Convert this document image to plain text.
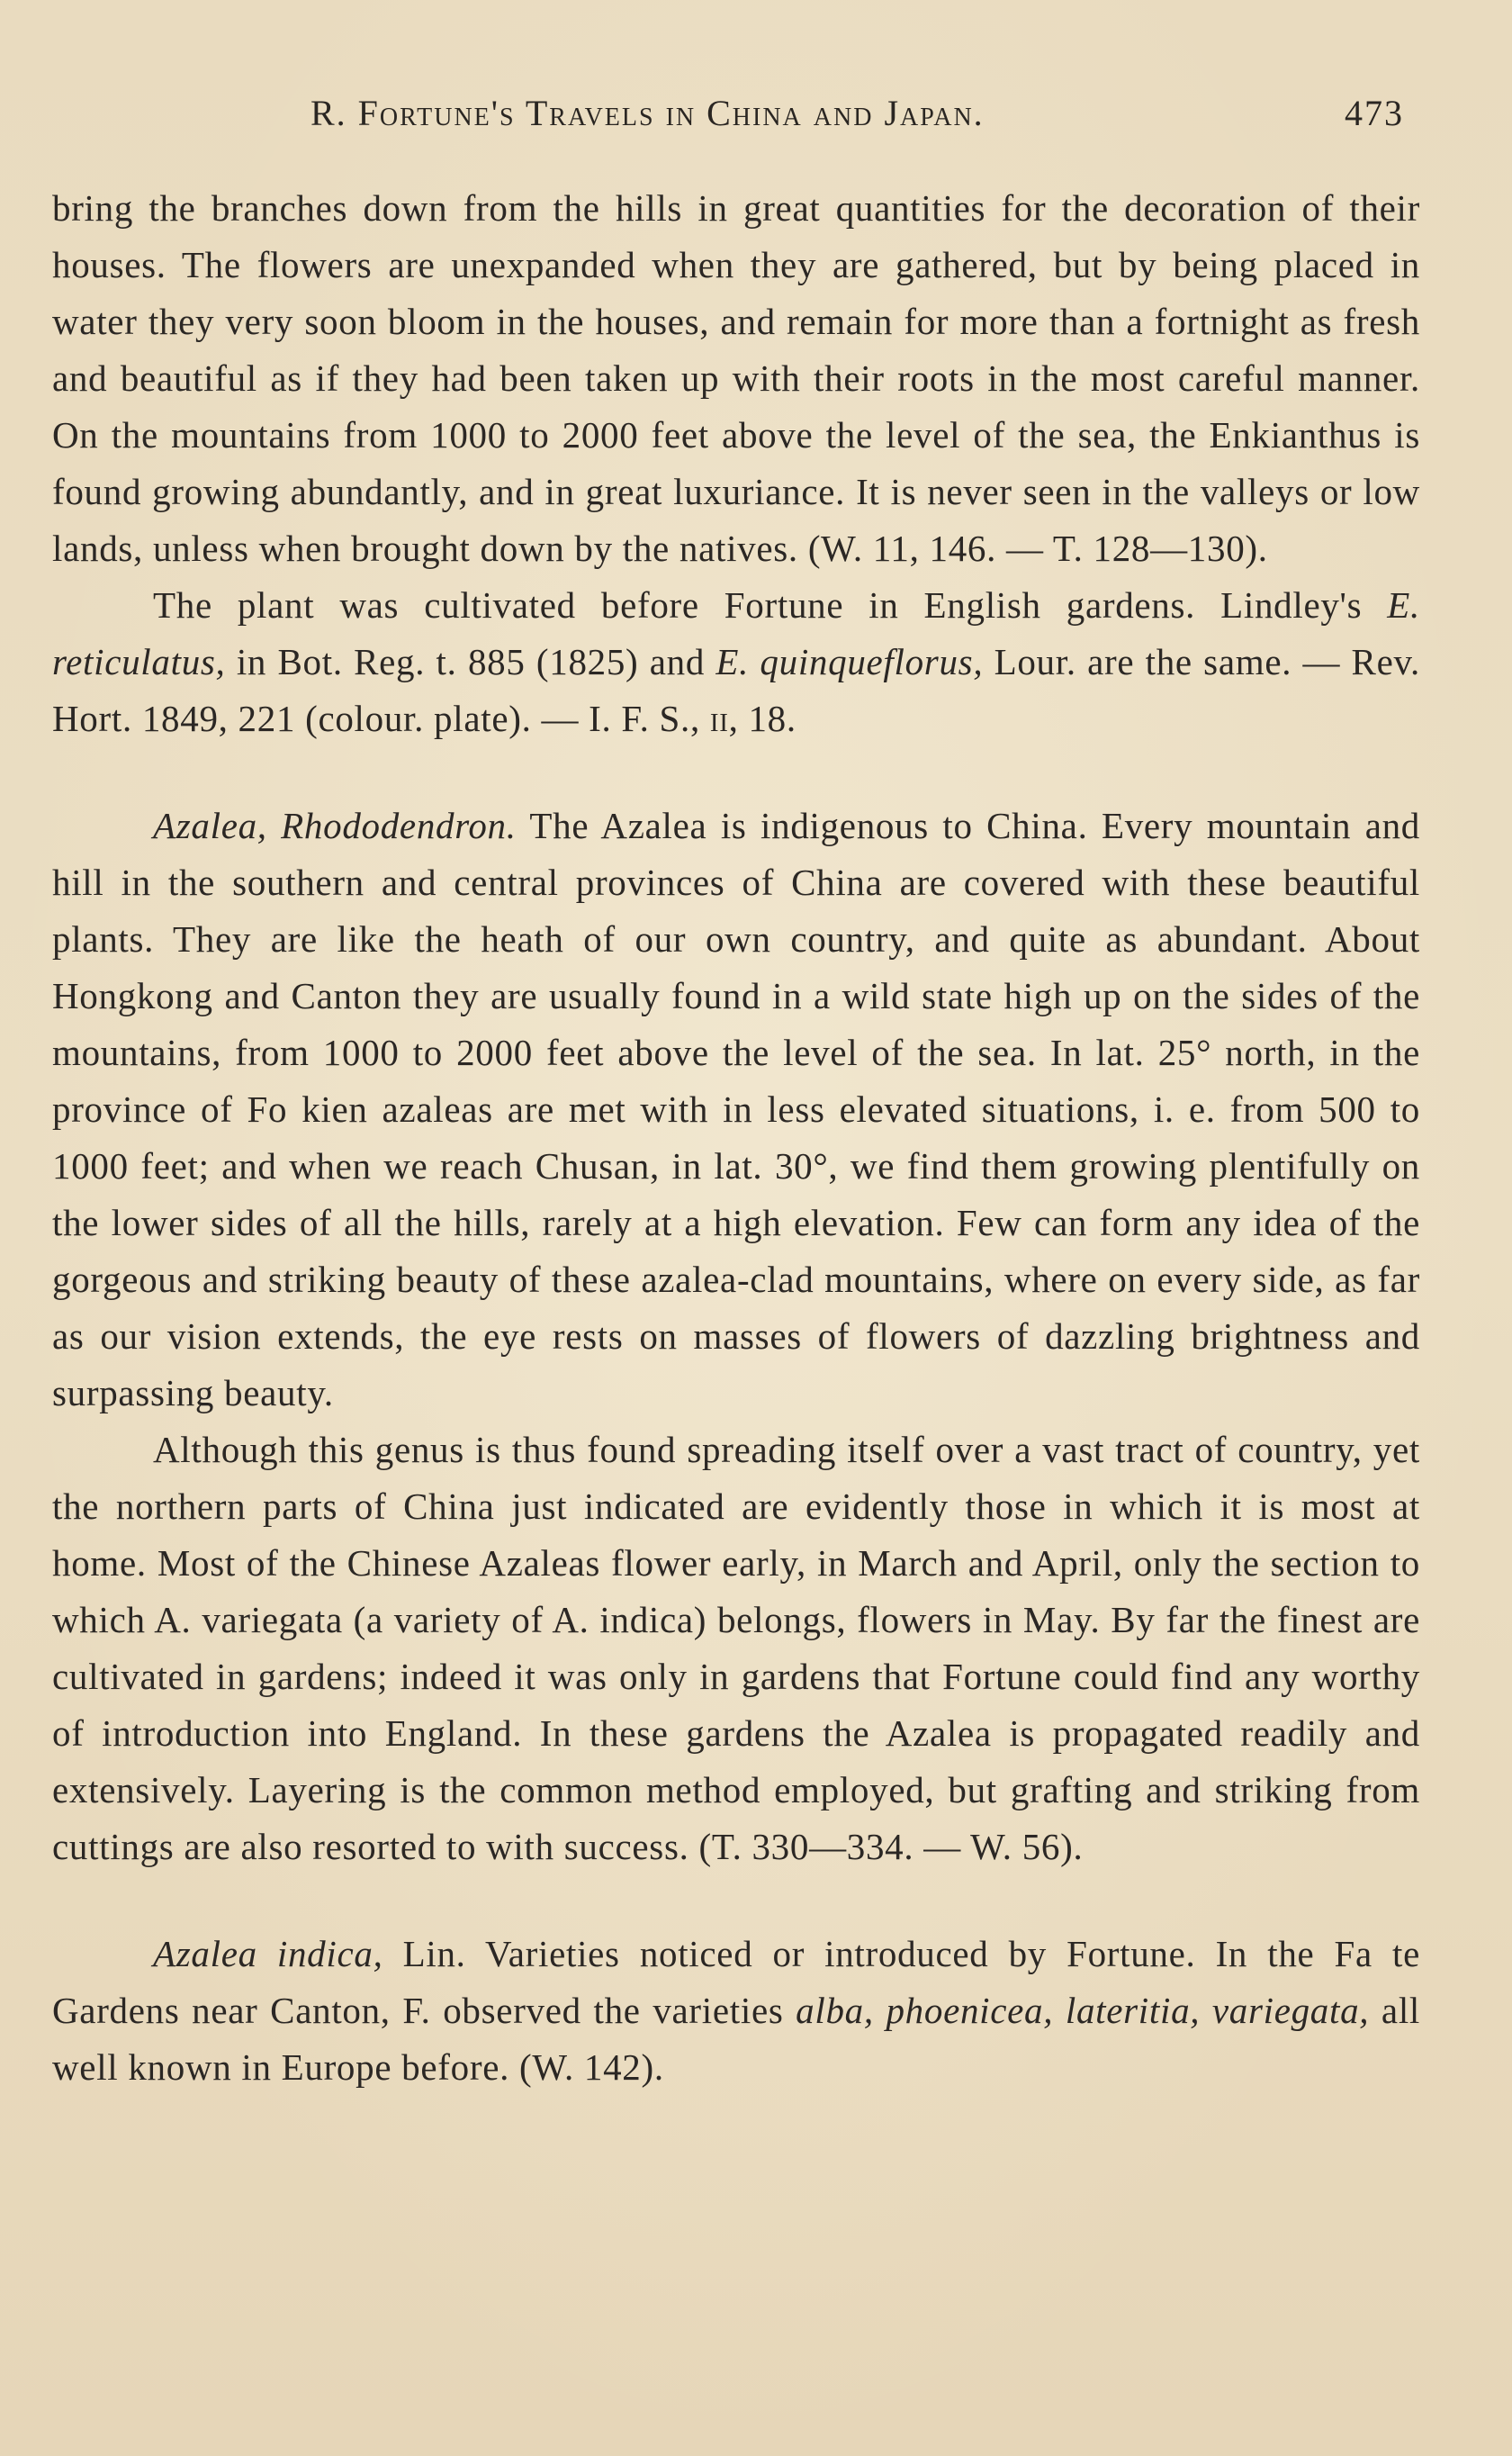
R. Fortune's Travels in China and Japan.	473

bring the branches down from the hills in great quantities for the decoration of their houses. The flowers are unexpanded when they are gathered, but by being placed in water they very soon bloom in the houses, and remain for more than a fortnight as fresh and beautiful as if they had been taken up with their roots in the most careful manner. On the mountains from 1000 to 2000 feet above the level of the sea, the Enkianthus is found growing abundantly, and in great luxuriance. It is never seen in the valleys or low lands, unless when brought down by the natives. (W. 11, 146. — T. 128—130).

The plant was cultivated before Fortune in English gardens. Lindley's E. reticulatus, in Bot. Reg. t. 885 (1825) and E. quinqueflorus, Lour. are the same. — Rev. Hort. 1849, 221 (colour. plate). — I. F. S., ii, 18.

Azalea, Rhododendron. The Azalea is indigenous to China. Every mountain and hill in the southern and central provinces of China are covered with these beautiful plants. They are like the heath of our own country, and quite as abundant. About Hongkong and Canton they are usually found in a wild state high up on the sides of the mountains, from 1000 to 2000 feet above the level of the sea. In lat. 25° north, in the province of Fo kien azaleas are met with in less elevated situations, i. e. from 500 to 1000 feet; and when we reach Chusan, in lat. 30°, we find them growing plentifully on the lower sides of all the hills, rarely at a high elevation. Few can form any idea of the gorgeous and striking beauty of these azalea-clad mountains, where on every side, as far as our vision extends, the eye rests on masses of flowers of dazzling brightness and surpassing beauty.

Although this genus is thus found spreading itself over a vast tract of country, yet the northern parts of China just indicated are evidently those in which it is most at home. Most of the Chinese Azaleas flower early, in March and April, only the section to which A. variegata (a variety of A. indica) belongs, flowers in May. By far the finest are cultivated in gardens; indeed it was only in gardens that Fortune could find any worthy of introduction into England. In these gardens the Azalea is propagated readily and extensively. Layering is the common method employed, but grafting and striking from cuttings are also resorted to with success. (T. 330—334. — W. 56).

Azalea indica, Lin. Varieties noticed or introduced by Fortune. In the Fa te Gardens near Canton, F. observed the varieties alba, phoenicea, lateritia, variegata, all well known in Europe before. (W. 142).
